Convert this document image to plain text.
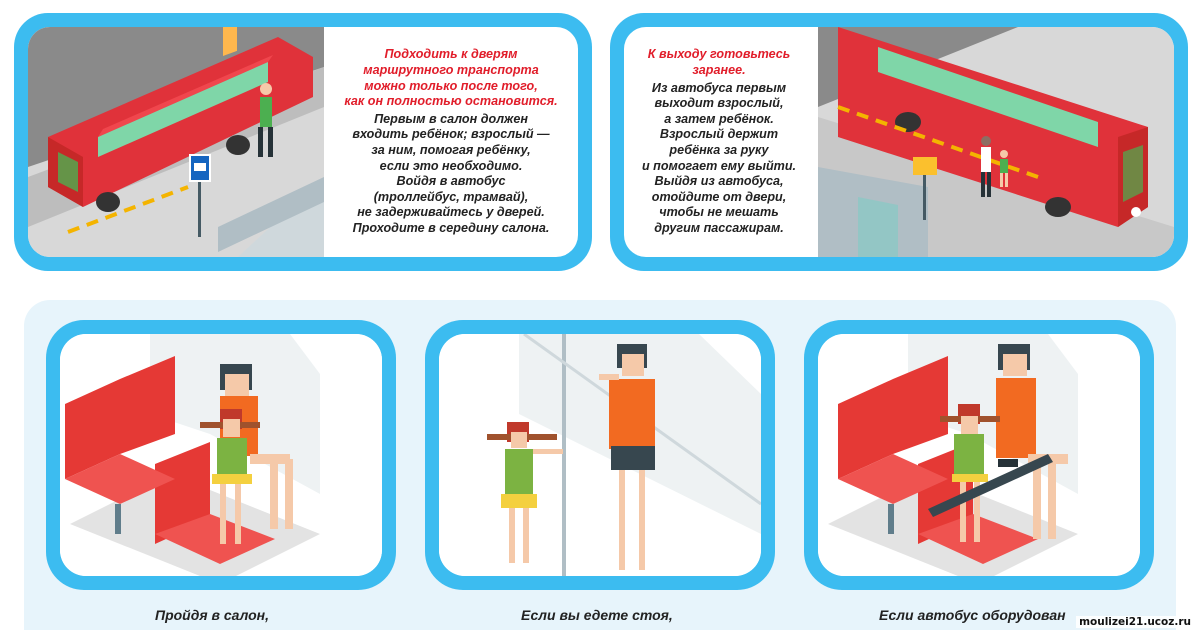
Подходить к дверям
маршрутного транспорта
можно только после того,
как он полностью остановится.
Первым в салон должен
входить ребёнок; взрослый —
за ним, помогая ребёнку,
если это необходимо.
Войдя в автобус
(троллейбус, трамвай),
не задерживайтесь у дверей.
Проходите в середину салона.
К выходу готовьтесь
заранее.
Из автобуса первым
выходит взрослый,
а затем ребёнок.
Взрослый держит
ребёнка за руку
и помогает ему выйти.
Выйдя из автобуса,
отойдите от двери,
чтобы не мешать
другим пассажирам.
Пройдя в салон,	Если вы едете стоя,	Если автобус оборудован moulizei21.ucoz.ru
